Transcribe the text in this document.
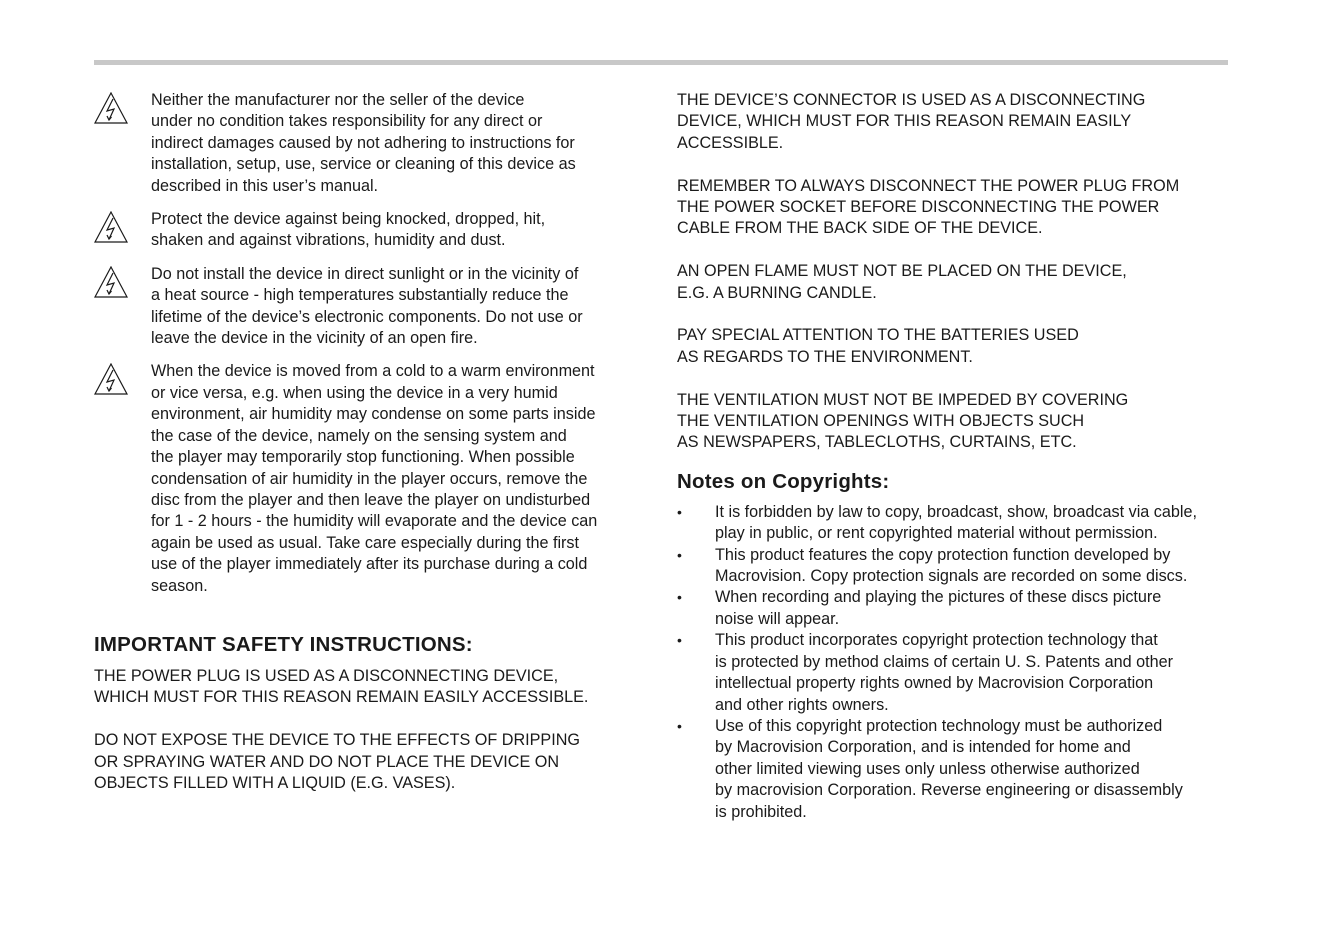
Neither the manufacturer nor the seller of the device
under no condition takes responsibility for any direct or
indirect damages caused by not adhering to instructions for
installation, setup, use, service or cleaning of this device as
described in this user’s manual.

Protect the device against being knocked, dropped, hit,
shaken and against vibrations, humidity and dust.

Do not install the device in direct sunlight or in the vicinity of
a heat source - high temperatures substantially reduce the
lifetime of the device’s electronic components. Do not use or
leave the device in the vicinity of an open fire.

When the device is moved from a cold to a warm environment
or vice versa, e.g. when using the device in a very humid
environment, air humidity may condense on some parts inside
the case of the device, namely on the sensing system and
the player may temporarily stop functioning. When possible
condensation of air humidity in the player occurs, remove the
disc from the player and then leave the player on undisturbed
for 1 - 2 hours - the humidity will evaporate and the device can
again be used as usual. Take care especially during the first
use of the player immediately after its purchase during a cold
season.

IMPORTANT SAFETY INSTRUCTIONS:

THE POWER PLUG IS USED AS A DISCONNECTING DEVICE,
WHICH MUST FOR THIS REASON REMAIN EASILY ACCESSIBLE.

DO NOT EXPOSE THE DEVICE TO THE EFFECTS OF DRIPPING
OR SPRAYING WATER AND DO NOT PLACE THE DEVICE ON
OBJECTS FILLED WITH A LIQUID (E.G. VASES).

THE DEVICE’S CONNECTOR IS USED AS A DISCONNECTING
DEVICE, WHICH MUST FOR THIS REASON REMAIN EASILY
ACCESSIBLE.

REMEMBER TO ALWAYS DISCONNECT THE POWER PLUG FROM
THE POWER SOCKET BEFORE DISCONNECTING THE POWER
CABLE FROM THE BACK SIDE OF THE DEVICE.

AN OPEN FLAME MUST NOT BE PLACED ON THE DEVICE,
E.G. A BURNING CANDLE.

PAY SPECIAL ATTENTION TO THE BATTERIES USED
AS REGARDS TO THE ENVIRONMENT.

THE VENTILATION MUST NOT BE IMPEDED BY COVERING
THE VENTILATION OPENINGS WITH OBJECTS SUCH
AS NEWSPAPERS, TABLECLOTHS, CURTAINS, ETC.

Notes on Copyrights:
•	It is forbidden by law to copy, broadcast, show, broadcast via cable,
play in public, or rent copyrighted material without permission.

•	This product features the copy protection function developed by
Macrovision. Copy protection signals are recorded on some discs.

•	When recording and playing the pictures of these discs picture
noise will appear.

•	This product incorporates copyright protection technology that
is protected by method claims of certain U. S. Patents and other
intellectual property rights owned by Macrovision Corporation
and other rights owners.

•	Use of this copyright protection technology must be authorized
by Macrovision Corporation, and is intended for home and
other limited viewing uses only unless otherwise authorized
by macrovision Corporation. Reverse engineering or disassembly
is prohibited.
